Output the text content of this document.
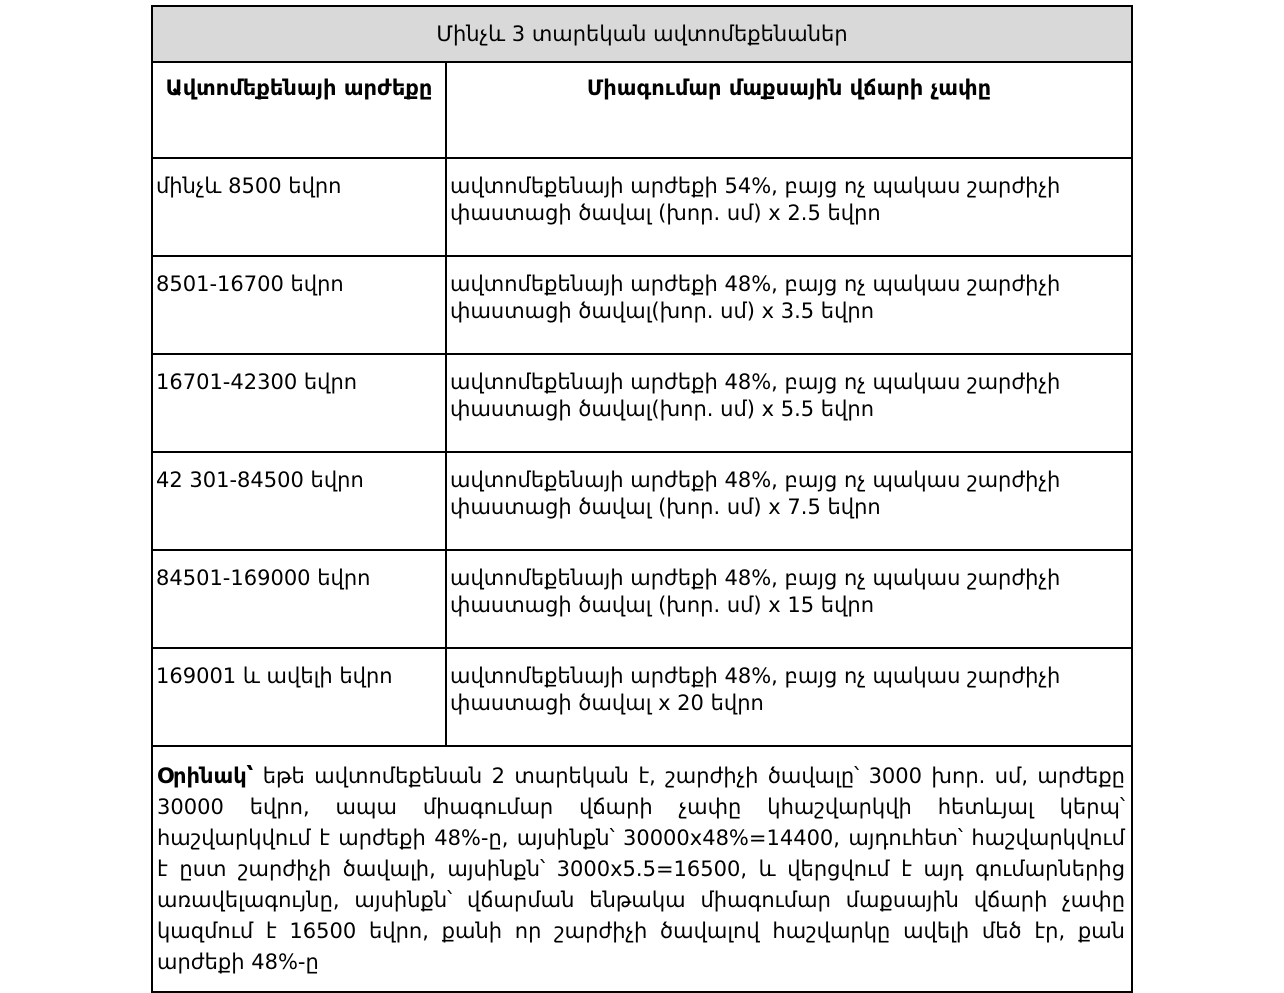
Մինչև 3 տարեկան ավտոմեքենաներ	
Ավտոմեքենայի արժեքը	Միագումար մաքսային վճարի չափը
մինչև 8500 եվրո	ավտոմեքենայի արժեքի 54%, բայց ոչ պակաս շարժիչի փաստացի ծավալ (խոր. սմ) x 2.5 եվրո
8501-16700 եվրո	ավտոմեքենայի արժեքի 48%, բայց ոչ պակաս շարժիչի փաստացի ծավալ(խոր. սմ) x 3.5 եվրո
16701-42300 եվրո	ավտոմեքենայի արժեքի 48%, բայց ոչ պակաս շարժիչի փաստացի ծավալ(խոր. սմ) x 5.5 եվրո
42 301-84500 եվրո	ավտոմեքենայի արժեքի 48%, բայց ոչ պակաս շարժիչի փաստացի ծավալ (խոր. սմ) x 7.5 եվրո
84501-169000 եվրո	ավտոմեքենայի արժեքի 48%, բայց ոչ պակաս շարժիչի փաստացի ծավալ (խոր. սմ) x 15 եվրո
169001 և ավելի եվրո	ավտոմեքենայի արժեքի 48%, բայց ոչ պակաս շարժիչի փաստացի ծավալ x 20 եվրո
Օրինակ՝ եթե ավտոմեքենան 2 տարեկան է, շարժիչի ծավալը՝ 3000 խոր. սմ, արժեքը 30000 եվրո, ապա միագումար վճարի չափը կհաշվարկվի հետևյալ կերպ՝ հաշվարկվում է արժեքի 48%-ը, այսինքն՝ 30000x48%=14400, այդուհետ՝ հաշվարկվում է ըստ շարժիչի ծավալի, այսինքն՝ 3000x5.5=16500, և վերցվում է այդ գումարներից առավելագույնը, այսինքն՝ վճարման ենթակա միագումար մաքսային վճարի չափը կազմում է 16500 եվրո, քանի որ շարժիչի ծավալով հաշվարկը ավելի մեծ էր, քան արժեքի 48%-ը	
